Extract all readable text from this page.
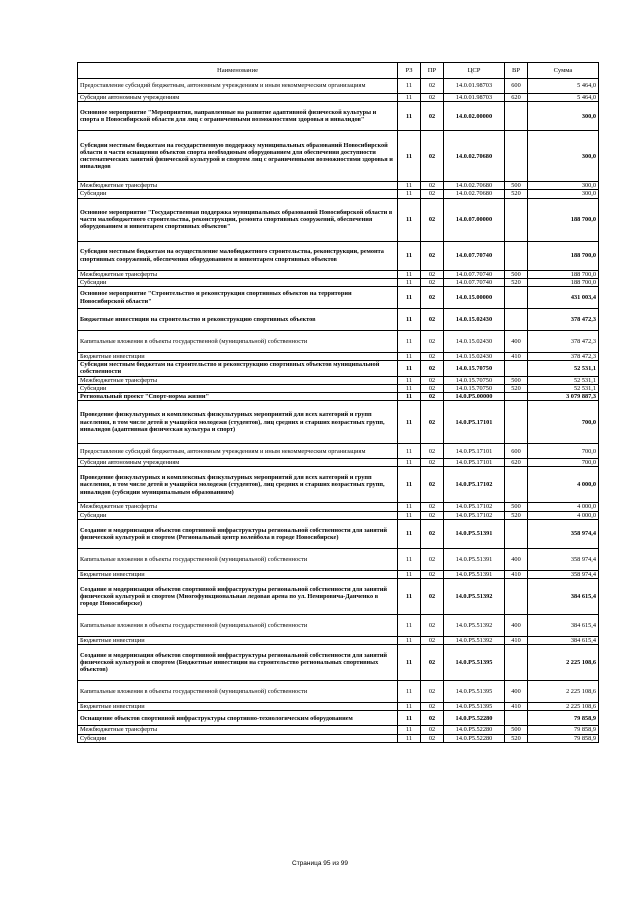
Наименование	РЗ	ПР	ЦСР	ВР	Сумма
Предоставление субсидий бюджетным, автономным учреждениям и иным некоммерческим организациям	11	02	14.0.01.98703	600	5 464,0
Субсидии автономным учреждениям	11	02	14.0.01.98703	620	5 464,0
Основное мероприятие "Мероприятия, направленные на развитие адаптивной физической культуры и спорта в Новосибирской области для лиц с ограниченными возможностями здоровья и инвалидов"	11	02	14.0.02.00000		300,0
Субсидии местным бюджетам на государственную поддержку муниципальных образований Новосибирской области в части оснащения объектов спорта необходимым оборудованием для обеспечения доступности систематических занятий физической культурой и спортом лиц с ограниченными возможностями здоровья и инвалидов	11	02	14.0.02.70680		300,0
Межбюджетные трансферты	11	02	14.0.02.70680	500	300,0
Субсидии	11	02	14.0.02.70680	520	300,0
Основное мероприятие "Государственная поддержка муниципальных образований Новосибирской области в части малобюджетного строительства, реконструкции, ремонта спортивных сооружений, обеспечения оборудованием и инвентарем спортивных объектов"	11	02	14.0.07.00000		188 700,0
Субсидии местным бюджетам на осуществление малобюджетного строительства, реконструкции, ремонта спортивных сооружений, обеспечения оборудованием и инвентарем спортивных объектов	11	02	14.0.07.70740		188 700,0
Межбюджетные трансферты	11	02	14.0.07.70740	500	188 700,0
Субсидии	11	02	14.0.07.70740	520	188 700,0
Основное мероприятие "Строительство и реконструкция спортивных объектов на территории Новосибирской области"	11	02	14.0.15.00000		431 003,4
Бюджетные инвестиции на строительство и реконструкцию спортивных объектов	11	02	14.0.15.02430		378 472,3
Капитальные вложения в объекты государственной (муниципальной) собственности	11	02	14.0.15.02430	400	378 472,3
Бюджетные инвестиции	11	02	14.0.15.02430	410	378 472,3
Субсидии местным бюджетам на строительство и реконструкцию спортивных объектов муниципальной собственности	11	02	14.0.15.70750		52 531,1
Межбюджетные трансферты	11	02	14.0.15.70750	500	52 531,1
Субсидии	11	02	14.0.15.70750	520	52 531,1
Региональный проект "Спорт-норма жизни"	11	02	14.0.P5.00000		3 079 887,3
Проведение физкультурных и комплексных физкультурных мероприятий для всех категорий и групп населения, в том числе детей и учащейся молодежи (студентов), лиц средних и старших возрастных групп, инвалидов (адаптивная физическая культура и спорт)	11	02	14.0.P5.17101		700,0
Предоставление субсидий бюджетным, автономным учреждениям и иным некоммерческим организациям	11	02	14.0.P5.17101	600	700,0
Субсидии автономным учреждениям	11	02	14.0.P5.17101	620	700,0
Проведение физкультурных и комплексных физкультурных мероприятий для всех категорий и групп населения, в том числе детей и учащейся молодежи (студентов), лиц средних и старших возрастных групп, инвалидов (субсидии муниципальным образованиям)	11	02	14.0.P5.17102		4 000,0
Межбюджетные трансферты	11	02	14.0.P5.17102	500	4 000,0
Субсидии	11	02	14.0.P5.17102	520	4 000,0
Создание и модернизация объектов спортивной инфраструктуры региональной собственности для занятий физической культурой и спортом (Региональный центр волейбола в городе Новосибирске)	11	02	14.0.P5.51391		358 974,4
Капитальные вложения в объекты государственной (муниципальной) собственности	11	02	14.0.P5.51391	400	358 974,4
Бюджетные инвестиции	11	02	14.0.P5.51391	410	358 974,4
Создание и модернизация объектов спортивной инфраструктуры региональной собственности для занятий физической культурой и спортом (Многофункциональная ледовая арена по ул. Немировича-Данченко в городе Новосибирске)	11	02	14.0.P5.51392		384 615,4
Капитальные вложения в объекты государственной (муниципальной) собственности	11	02	14.0.P5.51392	400	384 615,4
Бюджетные инвестиции	11	02	14.0.P5.51392	410	384 615,4
Создание и модернизация объектов спортивной инфраструктуры региональной собственности для занятий физической культурой и спортом (Бюджетные инвестиции на строительство региональных спортивных объектов)	11	02	14.0.P5.51395		2 225 108,6
Капитальные вложения в объекты государственной (муниципальной) собственности	11	02	14.0.P5.51395	400	2 225 108,6
Бюджетные инвестиции	11	02	14.0.P5.51395	410	2 225 108,6
Оснащение объектов спортивной инфраструктуры спортивно-технологическим оборудованием	11	02	14.0.P5.52280		79 858,9
Межбюджетные трансферты	11	02	14.0.P5.52280	500	79 858,9
Субсидии	11	02	14.0.P5.52280	520	79 858,9
Страница 95 из 99
